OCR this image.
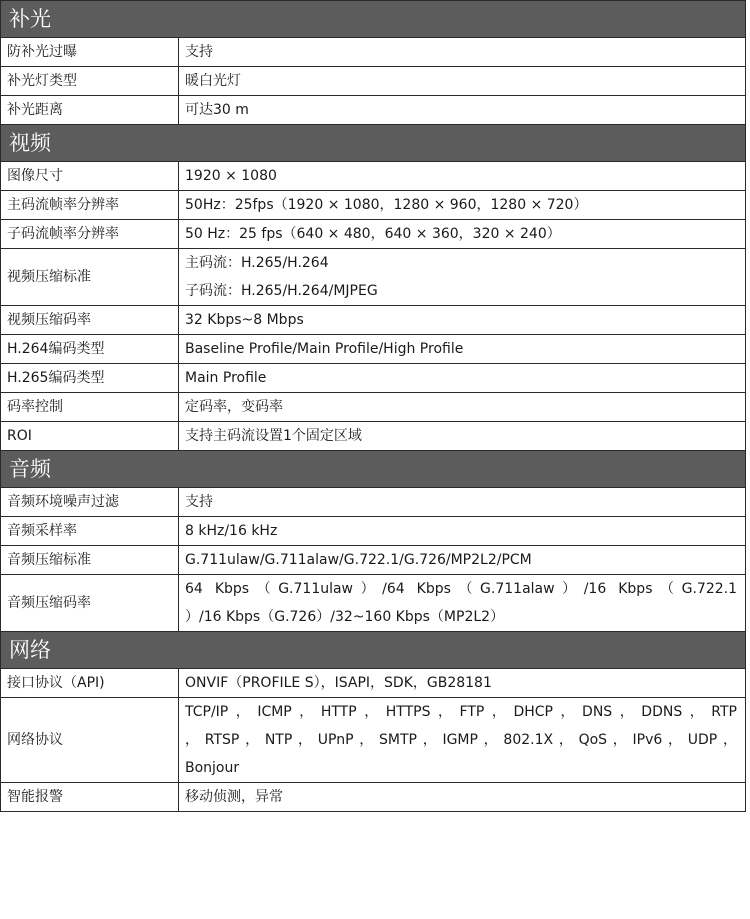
补光	
防补光过曝	支持

补光灯类型	暖白光灯

补光距离	可达30 m

视频	
图像尺寸	1920 × 1080

主码流帧率分辨率	50Hz：25fps（1920 × 1080，1280 × 960，1280 × 720）

子码流帧率分辨率	50 Hz：25 fps（640 × 480，640 × 360，320 × 240）

视频压缩标准	主码流：H.265/H.264
子码流：H.265/H.264/MJPEG

视频压缩码率	32 Kbps~8 Mbps

H.264编码类型	Baseline Profile/Main Profile/High Profile

H.265编码类型	Main Profile

码率控制	定码率，变码率

ROI	支持主码流设置1个固定区域

音频	
音频环境噪声过滤	支持

音频采样率	8 kHz/16 kHz

音频压缩标准	G.711ulaw/G.711alaw/G.722.1/G.726/MP2L2/PCM

音频压缩码率	64 Kbps（G.711ulaw）/64 Kbps（G.711alaw）/16 Kbps（G.722.1
）/16 Kbps（G.726）/32~160 Kbps（MP2L2）

网络	
接口协议（API)	ONVIF（PROFILE S），ISAPI，SDK，GB28181

网络协议	TCP/IP，ICMP，HTTP，HTTPS，FTP，DHCP，DNS，DDNS，RTP
，RTSP，NTP，UPnP，SMTP，IGMP，802.1X，QoS，IPv6，UDP，
Bonjour

智能报警	移动侦测，异常
